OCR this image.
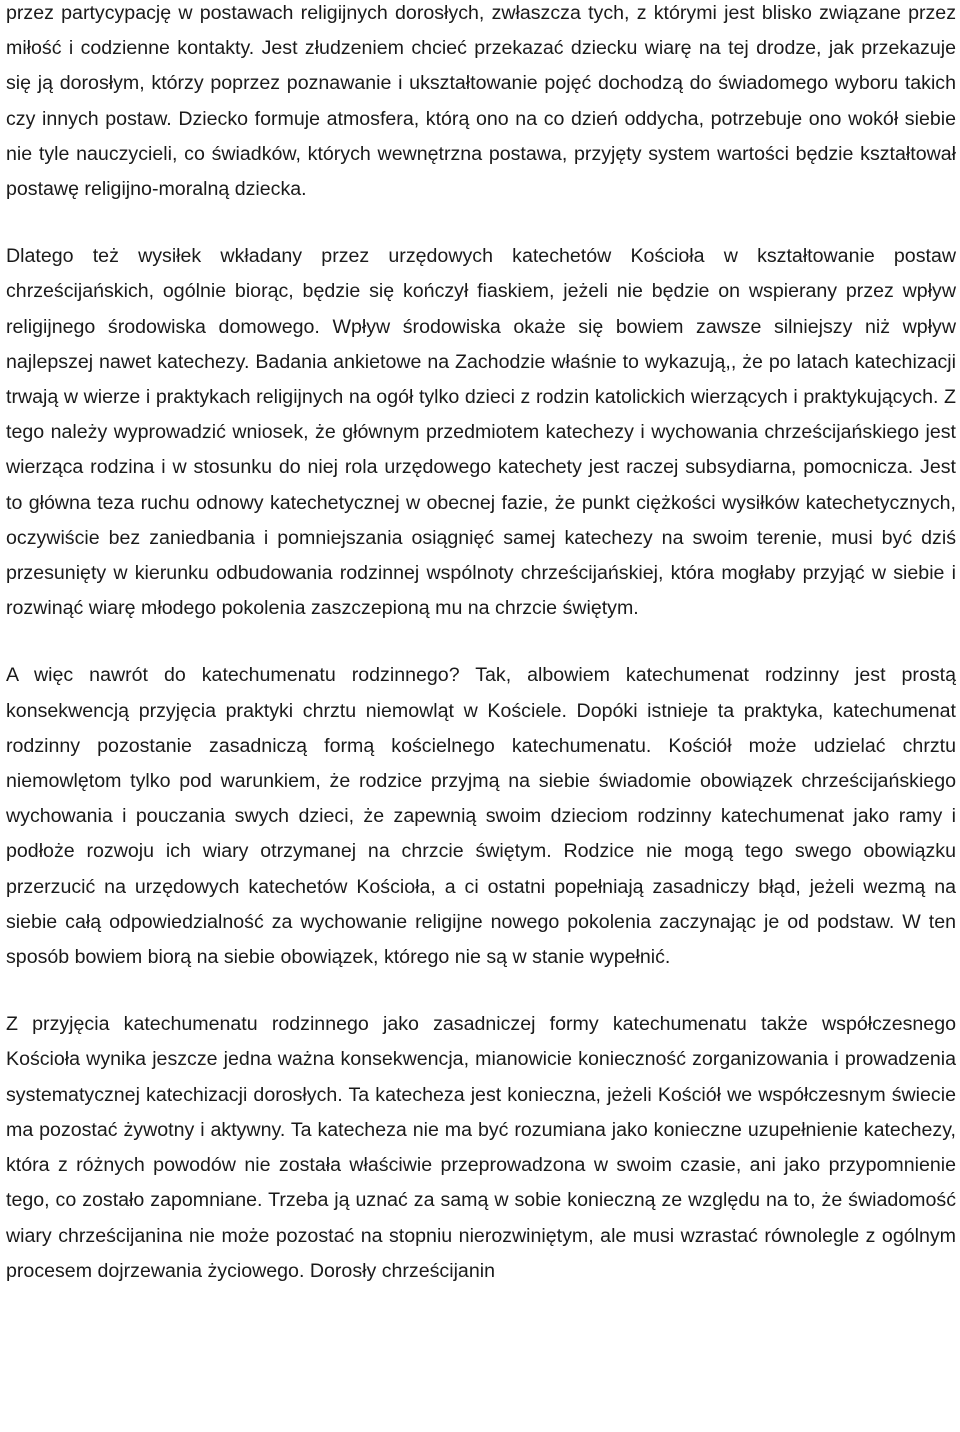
przez partycypację w postawach religijnych dorosłych, zwłaszcza tych, z którymi jest blisko związane przez miłość i codzienne kontakty. Jest złudzeniem chcieć przekazać dziecku wiarę na tej drodze, jak przekazuje się ją dorosłym, którzy poprzez poznawanie i ukształtowanie pojęć dochodzą do świadomego wyboru takich czy innych postaw. Dziecko formuje atmosfera, którą ono na co dzień oddycha, potrzebuje ono wokół siebie nie tyle nauczycieli, co świadków, których wewnętrzna postawa, przyjęty system wartości będzie kształtował postawę religijno-moralną dziecka.

Dlatego też wysiłek wkładany przez urzędowych katechetów Kościoła w kształtowanie postaw chrześcijańskich, ogólnie biorąc, będzie się kończył fiaskiem, jeżeli nie będzie on wspierany przez wpływ religijnego środowiska domowego. Wpływ środowiska okaże się bowiem zawsze silniejszy niż wpływ najlepszej nawet katechezy. Badania ankietowe na Zachodzie właśnie to wykazują,, że po latach katechizacji trwają w wierze i praktykach religijnych na ogół tylko dzieci z rodzin katolickich wierzących i praktykujących. Z tego należy wyprowadzić wniosek, że głównym przedmiotem katechezy i wychowania chrześcijańskiego jest wierząca rodzina i w stosunku do niej rola urzędowego katechety jest raczej subsydiarna, pomocnicza. Jest to główna teza ruchu odnowy katechetycznej w obecnej fazie, że punkt ciężkości wysiłków katechetycznych, oczywiście bez zaniedbania i pomniejszania osiągnięć samej katechezy na swoim terenie, musi być dziś przesunięty w kierunku odbudowania rodzinnej wspólnoty chrześcijańskiej, która mogłaby przyjąć w siebie i rozwinąć wiarę młodego pokolenia zaszczepioną mu na chrzcie świętym.

A więc nawrót do katechumenatu rodzinnego? Tak, albowiem katechumenat rodzinny jest prostą konsekwencją przyjęcia praktyki chrztu niemowląt w Kościele. Dopóki istnieje ta praktyka, katechumenat rodzinny pozostanie zasadniczą formą kościelnego katechumenatu. Kościół może udzielać chrztu niemowlętom tylko pod warunkiem, że rodzice przyjmą na siebie świadomie obowiązek chrześcijańskiego wychowania i pouczania swych dzieci, że zapewnią swoim dzieciom rodzinny katechumenat jako ramy i podłoże rozwoju ich wiary otrzymanej na chrzcie świętym. Rodzice nie mogą tego swego obowiązku przerzucić na urzędowych katechetów Kościoła, a ci ostatni popełniają zasadniczy błąd, jeżeli wezmą na siebie całą odpowiedzialność za wychowanie religijne nowego pokolenia zaczynając je od podstaw. W ten sposób bowiem biorą na siebie obowiązek, którego nie są w stanie wypełnić.

Z przyjęcia katechumenatu rodzinnego jako zasadniczej formy katechumenatu także współczesnego Kościoła wynika jeszcze jedna ważna konsekwencja, mianowicie konieczność zorganizowania i prowadzenia systematycznej katechizacji dorosłych. Ta katecheza jest konieczna, jeżeli Kościół we współczesnym świecie ma pozostać żywotny i aktywny. Ta katecheza nie ma być rozumiana jako konieczne uzupełnienie katechezy, która z różnych powodów nie została właściwie przeprowadzona w swoim czasie, ani jako przypomnienie tego, co zostało zapomniane. Trzeba ją uznać za samą w sobie konieczną ze względu na to, że świadomość wiary chrześcijanina nie może pozostać na stopniu nierozwiniętym, ale musi wzrastać równolegle z ogólnym procesem dojrzewania życiowego. Dorosły chrześcijanin
